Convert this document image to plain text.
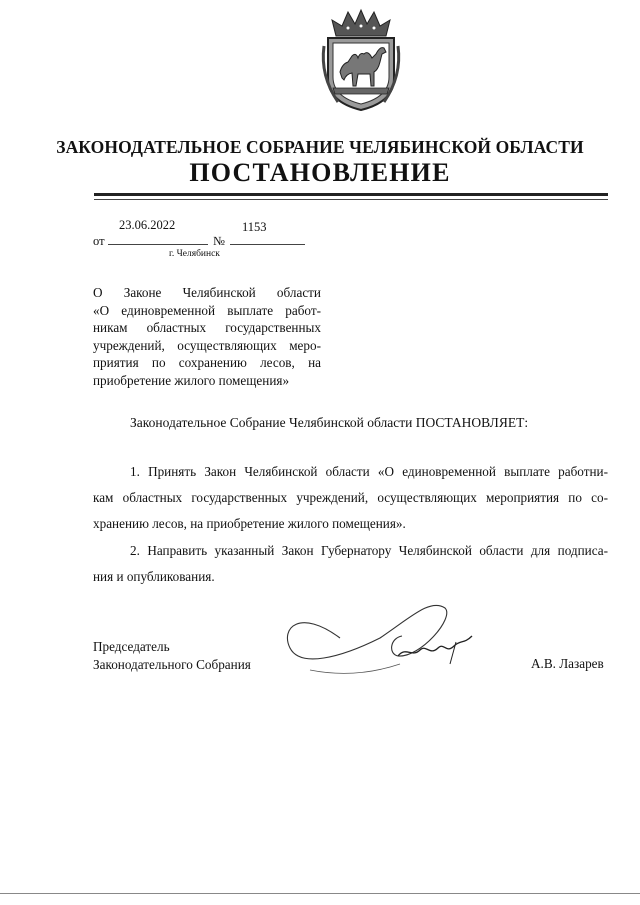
ЗАКОНОДАТЕЛЬНОЕ СОБРАНИЕ ЧЕЛЯБИНСКОЙ ОБЛАСТИ
ПОСТАНОВЛЕНИЕ
от
23.06.2022
№
1153
г. Челябинск
О Законе Челябинской области
«О единовременной выплате работ-
никам областных государственных
учреждений, осуществляющих меро-
приятия по сохранению лесов, на
приобретение жилого помещения»
Законодательное Собрание Челябинской области ПОСТАНОВЛЯЕТ:
1. Принять Закон Челябинской области «О единовременной выплате работни-
кам областных государственных учреждений, осуществляющих мероприятия по со-
хранению лесов, на приобретение жилого помещения».
2. Направить указанный Закон Губернатору Челябинской области для подписа-
ния и опубликования.
Председатель
Законодательного Собрания	А.В. Лазарев
